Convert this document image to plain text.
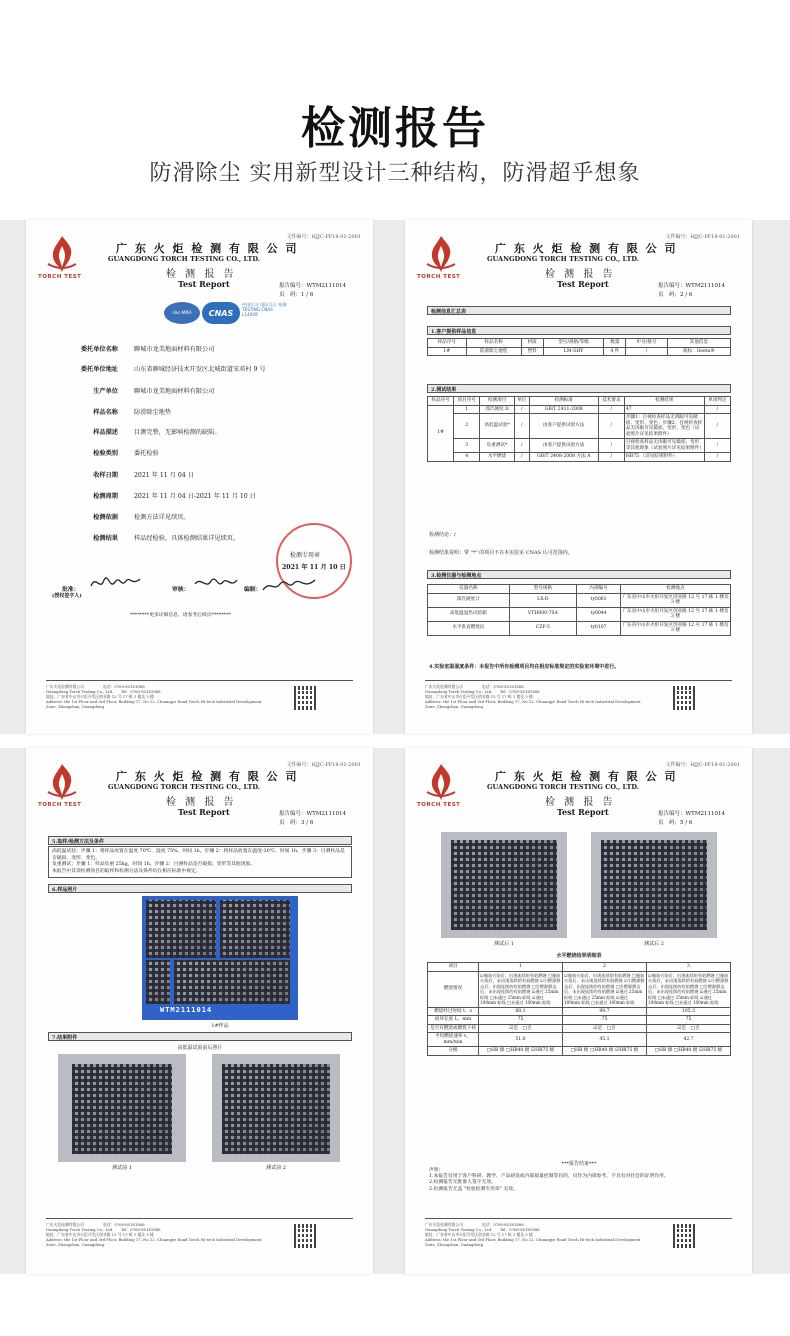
检测报告
防滑除尘 实用新型设计三种结构，防滑超乎想象
文件编号：HJJC-PF18-01-2001
TORCH TEST
广 东 火 炬 检 测 有 限 公 司
GUANGDONG TORCH TESTING CO., LTD.
检 测 报 告
Test Report	报告编号：WTM2111014
页　码：1 / 6
ilac-MRA	CNAS
中国认可 国际互认 检测 TESTING CNAS L14009
委托单位名称	聊城市龙美地面材料有限公司
委托单位地址	山东省聊城经济技术开发区北城街道宋邓村 9 号
生产单位	聊城市龙美地面材料有限公司
样品名称	防滑除尘地垫
样品描述	目测完整，无影响检测的缺陷。
检验类别	委托检验
收样日期	2021 年 11 月 04 日
检测周期	2021 年 11 月 04 日-2021 年 11 月 10 日
检测依据	检测方法详见续页。
检测结果	样品经检验，具体检测结果详见续页。
检测专用章
2021 年 11 月 10 日
批准：
(授权签字人)
审核：	编制：
********更多详细信息，请参考后续页********
广东火炬检测有限公司　　　　　电话：0760-85161888
Guangdong Torch Testing Co., Ltd.　　Tel：0760-85161888
地址：广东省中山市火炬开发区创业路 12 号 17 栋 1 楼及 3 楼
Address: the 1st Floor and 3rd Floor, Building 17, No.12, Chuangye Road Torch Hi-tech Industrial Development
Zone, Zhongshan, Guangdong
文件编号：HJJC-PF18-01-2001
TORCH TEST
广 东 火 炬 检 测 有 限 公 司
GUANGDONG TORCH TESTING CO., LTD.
检 测 报 告
Test Report	报告编号：WTM2111014
页　码：2 / 6
检测信息汇总表
1.客户提供样品信息
样品序号	样品名称	材质	型号/规格/等级	数量	炉号/批号	其他信息
1#	防滑除尘地垫	塑料	LM-SHY	4 件	/	商标：Geeta®
2.测试结果
样品序号	项目序号	检测项目	单位	检测标准	技术要求	检测结果	单项判定
1#	1	邵氏硬度 D	/	GB/T 2411-2008	/	47	/
	2	高低温试验*	/	由客户提供试验方法	/	步骤1：目视检查样品无肉眼可见破损、变形、变色；步骤2：目视检查样品无肉眼可见破损、变形、变色（试验照片详见结果附件）	/
	3	负重测试*	/	由客户提供试验方法	/	目视检查样品无肉眼可见破损、变形等其他现象（试验照片详见结果附件）	/
	4	水平燃烧	/	GB/T 2408-2008 方法 A	/	HB75 （详见结果附件）	/
检测结论：/
检测结果说明：带 "*" 的项目不在本实验室 CNAS 认可范围内。
3.检测仪器与检测地点
仪器名称	型号规格	内部编号	检测地点
邵氏硬度计	LX-D	ty0061	广东省中山市火炬开发区创业路 12 号 17 栋 1 楼及 3 楼
高低温湿热试验箱	VTH800-70A	ty0044	广东省中山市火炬开发区创业路 12 号 17 栋 1 楼及 3 楼
水平垂直燃烧仪	CZF-5	ty0107	广东省中山市火炬开发区创业路 12 号 17 栋 1 楼及 3 楼
4.实验室温湿度条件：本报告中所有检测项目均在相应标准规定的实验室环境中进行。
广东火炬检测有限公司　　　　　电话：0760-85161888
Guangdong Torch Testing Co., Ltd.　　Tel：0760-85161888
地址：广东省中山市火炬开发区创业路 12 号 17 栋 1 楼及 3 楼
Address: the 1st Floor and 3rd Floor, Building 17, No.12, Chuangye Road Torch Hi-tech Industrial Development
Zone, Zhongshan, Guangdong
文件编号：HJJC-PF18-01-2001
TORCH TEST
广 东 火 炬 检 测 有 限 公 司
GUANGDONG TORCH TESTING CO., LTD.
检 测 报 告
Test Report	报告编号：WTM2111014
页　码：3 / 6
5.取样/检测方法及条件
高低温试验：步骤 1：将样品放置在温度 70℃、湿度 75%、时间 1h。步骤 2：将样品放置在温度-30℃、时间 1h。步骤 3：目测样品是否破损、变形、变色。
负重测试：步骤 1：样品负重 25kg，时间 1h。步骤 2：目测样品是否破损、变形等其他现象。
本报告中其余检测项目的取样和检测方法及条件均在相应标准中规定。
6.样品照片
WTM2111014
1#样品
7.结果附件
高低温试验前后照片
测试前 1	测试前 2
广东火炬检测有限公司　　　　　电话：0760-85161888
Guangdong Torch Testing Co., Ltd.　　Tel：0760-85161888
地址：广东省中山市火炬开发区创业路 12 号 17 栋 1 楼及 3 楼
Address: the 1st Floor and 3rd Floor, Building 17, No.12, Chuangye Road Torch Hi-tech Industrial Development
Zone, Zhongshan, Guangdong
文件编号：HJJC-PF18-01-2001
TORCH TEST
广 东 火 炬 检 测 有 限 公 司
GUANGDONG TORCH TESTING CO., LTD.
检 测 报 告
Test Report	报告编号：WTM2111014
页　码：5 / 6
测试后 1	测试后 2
水平燃烧结果明细表
项目	1	2	3
燃烧情况	☑施加火焰后，出现连续的有焰燃烧 □施加火焰后，未出现连续的有焰燃烧 ☑引燃源移去后，出现连续的有焰燃烧 □引燃源移去后，未出现连续的有焰燃烧 ☑通过 25mm 标线 □未通过 25mm 标线 ☑通过 100mm 标线 □未通过 100mm 标线	☑施加火焰后，出现连续的有焰燃烧 □施加火焰后，未出现连续的有焰燃烧 ☑引燃源移去后，出现连续的有焰燃烧 □引燃源移去后，未出现连续的有焰燃烧 ☑通过 25mm 标线 □未通过 25mm 标线 ☑通过 100mm 标线 □未通过 100mm 标线	☑施加火焰后，出现连续的有焰燃烧 □施加火焰后，未出现连续的有焰燃烧 ☑引燃源移去后，出现连续的有焰燃烧 □引燃源移去后，未出现连续的有焰燃烧 ☑通过 25mm 标线 □未通过 25mm 标线 ☑通过 100mm 标线 □未通过 100mm 标线
燃烧经过时间 t，s	88.1	99.7	105.3
损坏长度 L，mm	75	75	75
是否有燃烧或燃烧下掉	☑是　□否	☑是　□否	☑是　□否
平均燃烧速率 v，mm/min	51.0	45.1	42.7
分级	□HB 级 □HB40 级 ☑HB75 级	□HB 级 □HB40 级 ☑HB75 级	□HB 级 □HB40 级 ☑HB75 级
***报告结束***
声明：
1.本报告仅用于客户科研、教学、产品研发或内部质量控制等目的，仅作为内部参考，不具有对社会的证明作用。
2.检测报告无批准人签字无效。
2.检测报告无盖 "检验检测专用章" 无效。
广东火炬检测有限公司　　　　　电话：0760-85161888
Guangdong Torch Testing Co., Ltd.　　Tel：0760-85161888
地址：广东省中山市火炬开发区创业路 12 号 17 栋 1 楼及 3 楼
Address: the 1st Floor and 3rd Floor, Building 17, No.12, Chuangye Road Torch Hi-tech Industrial Development
Zone, Zhongshan, Guangdong
